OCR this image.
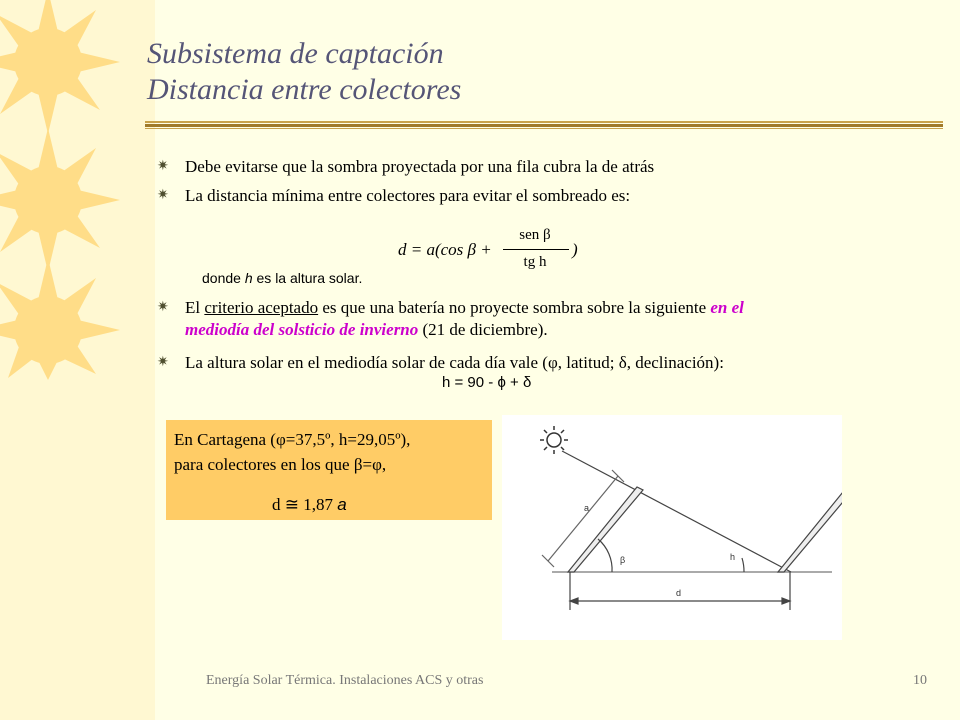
Subsistema de captación
Distancia entre colectores
✷ Debe evitarse que la sombra proyectada por una fila cubra la de atrás
✷ La distancia mínima entre colectores para evitar el sombreado es:
✷ El criterio aceptado es que una batería no proyecte sombra sobre la siguiente en el
mediodía del solsticio de invierno (21 de diciembre).
✷ La altura solar en el mediodía solar de cada día vale (φ, latitud; δ, declinación):
d = a(cos β +
sen β
tg h
)
donde h es la altura solar.
h = 90 - ϕ + δ
En Cartagena (φ=37,5º, h=29,05º),
para colectores en los que β=φ,
d ≅ 1,87 a	a
β	h
d
Energía Solar Térmica. Instalaciones ACS y otras	10
